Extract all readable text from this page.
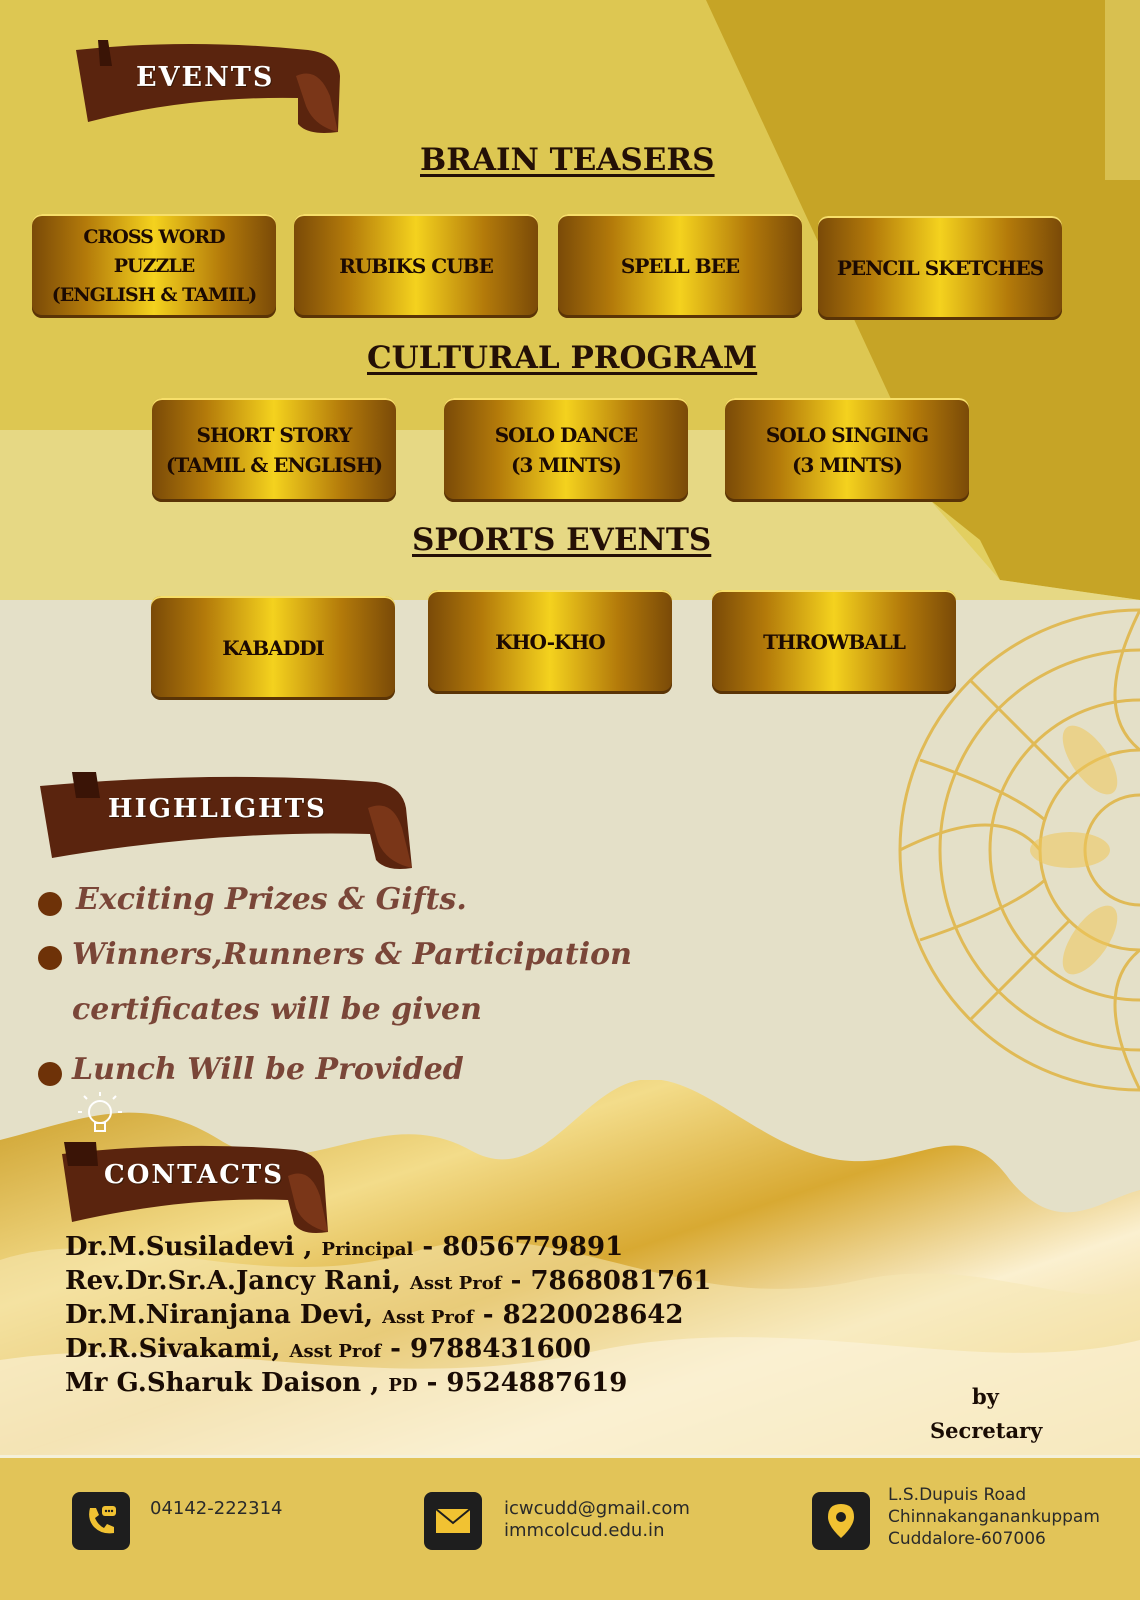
EVENTS
BRAIN TEASERS
CROSS WORD
PUZZLE
(ENGLISH & TAMIL)
RUBIKS CUBE	SPELL BEE	PENCIL SKETCHES
CULTURAL PROGRAM
SHORT STORY
(TAMIL & ENGLISH)
SOLO DANCE
(3 MINTS)
SOLO SINGING
(3 MINTS)
SPORTS EVENTS
KABADDI	KHO-KHO	THROWBALL
HIGHLIGHTS
Exciting Prizes & Gifts.
Winners,Runners & Participation
certificates will be given
Lunch Will be Provided
CONTACTS
Dr.M.Susiladevi , Principal - 8056779891
Rev.Dr.Sr.A.Jancy Rani, Asst Prof - 7868081761
Dr.M.Niranjana Devi, Asst Prof - 8220028642
Dr.R.Sivakami, Asst Prof - 9788431600
Mr G.Sharuk Daison , PD - 9524887619	by
Secretary
04142-222314	icwcudd@gmail.com
immcolcud.edu.in
L.S.Dupuis Road
Chinnakanganankuppam
Cuddalore-607006
